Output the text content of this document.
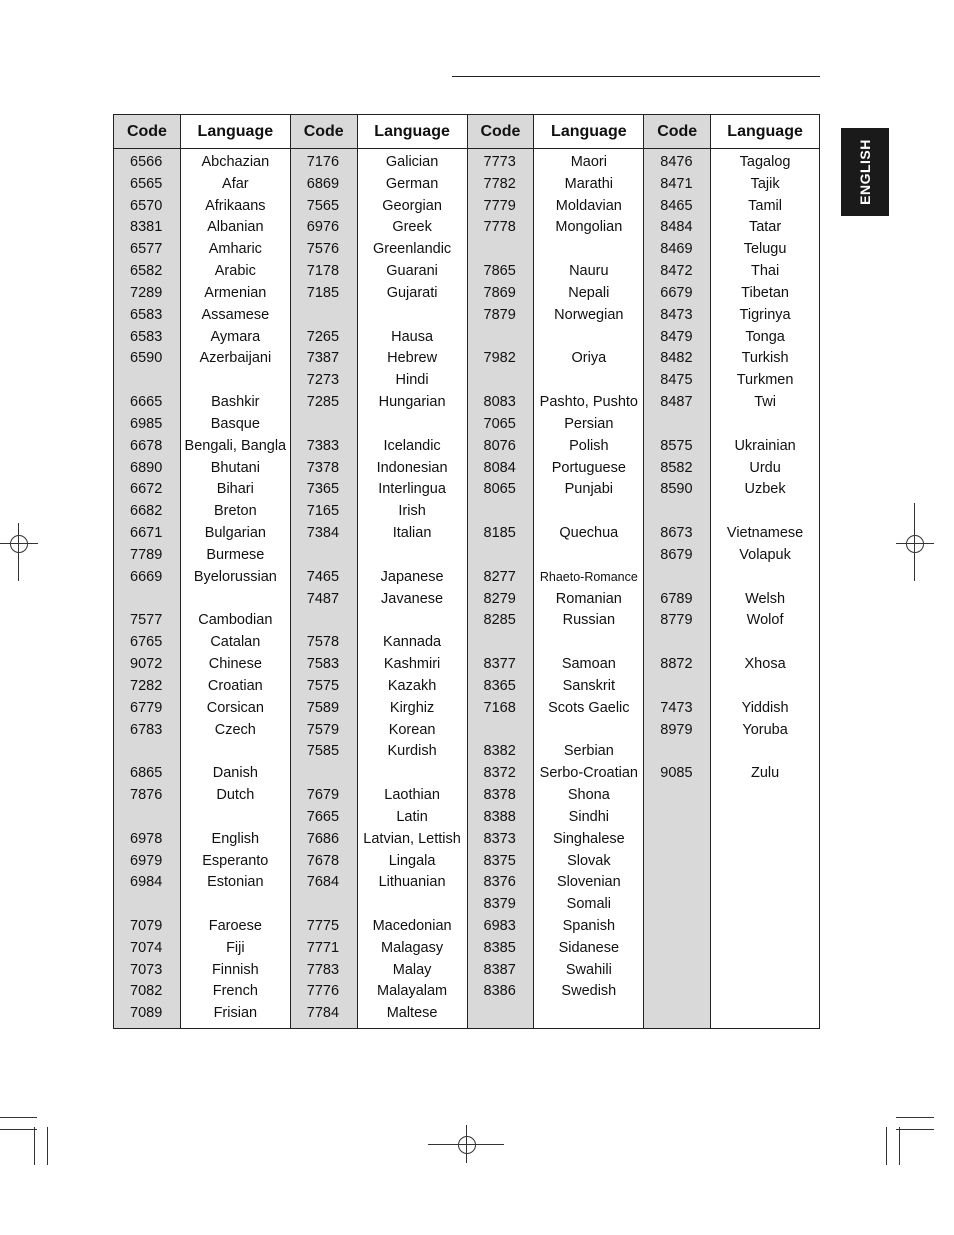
ENGLISH
Code
6566
6565
6570
8381
6577
6582
7289
6583
6583
6590
6665
6985
6678
6890
6672
6682
6671
7789
6669
7577
6765
9072
7282
6779
6783
6865
7876
6978
6979
6984
7079
7074
7073
7082
7089
Language
Abchazian
Afar
Afrikaans
Albanian
Amharic
Arabic
Armenian
Assamese
Aymara
Azerbaijani
Bashkir
Basque
Bengali, Bangla
Bhutani
Bihari
Breton
Bulgarian
Burmese
Byelorussian
Cambodian
Catalan
Chinese
Croatian
Corsican
Czech
Danish
Dutch
English
Esperanto
Estonian
Faroese
Fiji
Finnish
French
Frisian
Code
7176
6869
7565
6976
7576
7178
7185
7265
7387
7273
7285
7383
7378
7365
7165
7384
7465
7487
7578
7583
7575
7589
7579
7585
7679
7665
7686
7678
7684
7775
7771
7783
7776
7784
Language
Galician
German
Georgian
Greek
Greenlandic
Guarani
Gujarati
Hausa
Hebrew
Hindi
Hungarian
Icelandic
Indonesian
Interlingua
Irish
Italian
Japanese
Javanese
Kannada
Kashmiri
Kazakh
Kirghiz
Korean
Kurdish
Laothian
Latin
Latvian, Lettish
Lingala
Lithuanian
Macedonian
Malagasy
Malay
Malayalam
Maltese
Code
7773
7782
7779
7778
7865
7869
7879
7982
8083
7065
8076
8084
8065
8185
8277
8279
8285
8377
8365
7168
8382
8372
8378
8388
8373
8375
8376
8379
6983
8385
8387
8386
Language
Maori
Marathi
Moldavian
Mongolian
Nauru
Nepali
Norwegian
Oriya
Pashto, Pushto
Persian
Polish
Portuguese
Punjabi
Quechua
Rhaeto-Romance
Romanian
Russian
Samoan
Sanskrit
Scots Gaelic
Serbian
Serbo-Croatian
Shona
Sindhi
Singhalese
Slovak
Slovenian
Somali
Spanish
Sidanese
Swahili
Swedish
Code
8476
8471
8465
8484
8469
8472
6679
8473
8479
8482
8475
8487
8575
8582
8590
8673
8679
6789
8779
8872
7473
8979
9085
Language
Tagalog
Tajik
Tamil
Tatar
Telugu
Thai
Tibetan
Tigrinya
Tonga
Turkish
Turkmen
Twi
Ukrainian
Urdu
Uzbek
Vietnamese
Volapuk
Welsh
Wolof
Xhosa
Yiddish
Yoruba
Zulu
